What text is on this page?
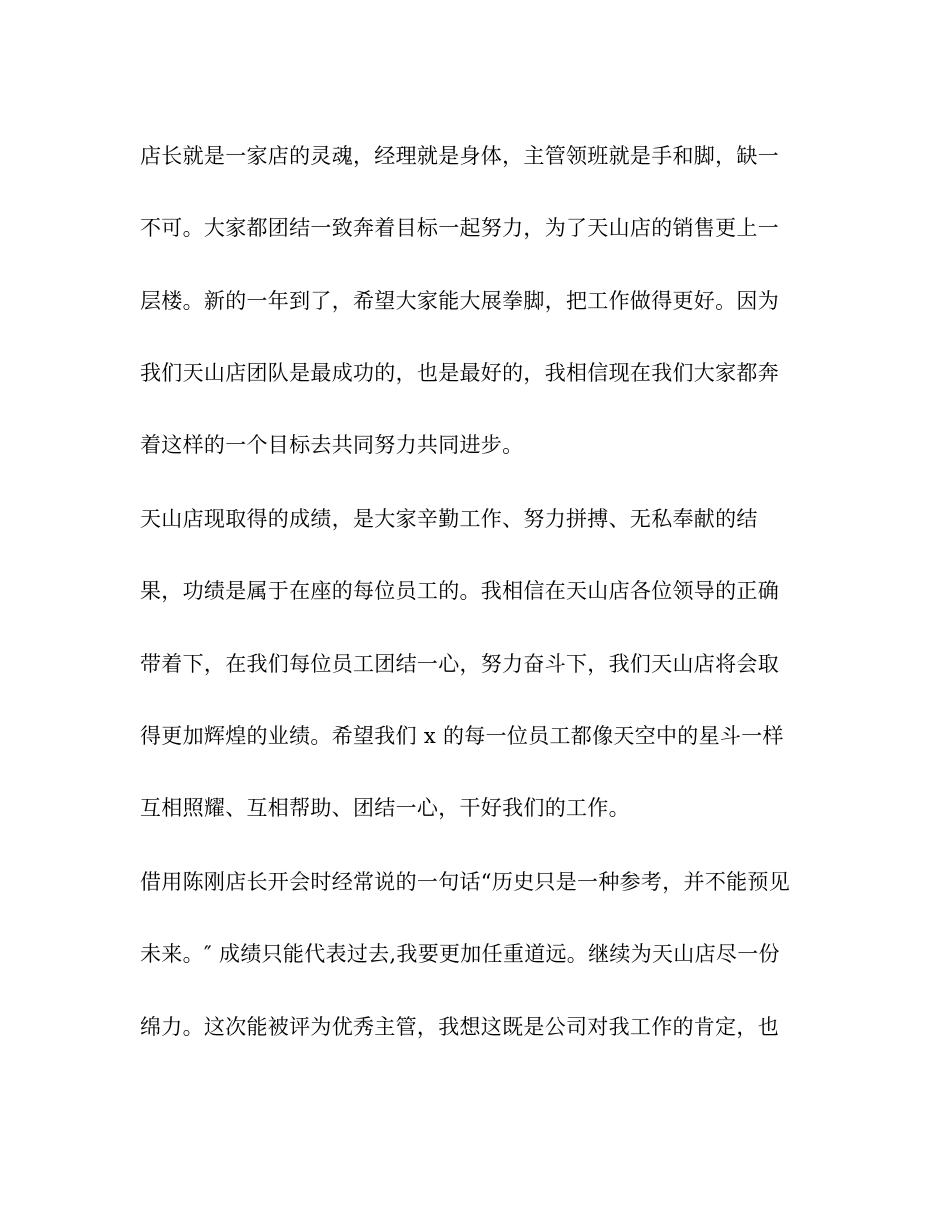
店长就是一家店的灵魂，经理就是身体，主管领班就是手和脚，缺一
不可。大家都团结一致奔着目标一起努力，为了天山店的销售更上一
层楼。新的一年到了，希望大家能大展拳脚，把工作做得更好。因为
我们天山店团队是最成功的，也是最好的，我相信现在我们大家都奔
着这样的一个目标去共同努力共同进步。
天山店现取得的成绩，是大家辛勤工作、努力拼搏、无私奉献的结
果，功绩是属于在座的每位员工的。我相信在天山店各位领导的正确
带着下，在我们每位员工团结一心，努力奋斗下，我们天山店将会取
得更加辉煌的业绩。希望我们 x 的每一位员工都像天空中的星斗一样
互相照耀、互相帮助、团结一心，干好我们的工作。
借用陈刚店长开会时经常说的一句话“历史只是一种参考，并不能预见
未来。″ 成绩只能代表过去,我要更加任重道远。继续为天山店尽一份
绵力。这次能被评为优秀主管，我想这既是公司对我工作的肯定，也
